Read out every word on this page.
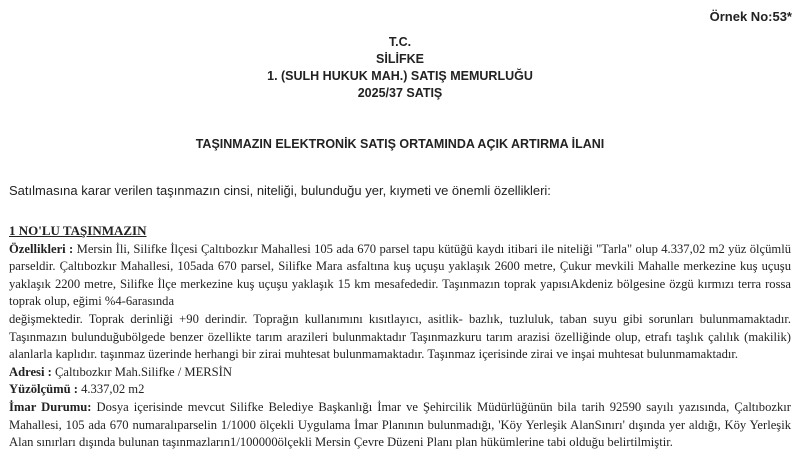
Örnek No:53*
T.C.
SİLİFKE
1. (SULH HUKUK MAH.) SATIŞ MEMURLUĞU
2025/37 SATIŞ
TAŞINMAZIN ELEKTRONİK SATIŞ ORTAMINDA AÇIK ARTIRMA İLANI
Satılmasına karar verilen taşınmazın cinsi, niteliği, bulunduğu yer, kıymeti ve önemli özellikleri:

1 NO'LU TAŞINMAZIN

Özellikleri : Mersin İli, Silifke İlçesi Çaltıbozkır Mahallesi 105 ada 670 parsel tapu kütüğü kaydı itibari ile niteliği "Tarla" olup 4.337,02 m2 yüz ölçümlü parseldir. Çaltıbozkır Mahallesi, 105ada 670 parsel, Silifke Mara asfaltına kuş uçuşu yaklaşık 2600 metre, Çukur mevkili Mahalle merkezine kuş uçuşu yaklaşık 2200 metre, Silifke İlçe merkezine kuş uçuşu yaklaşık 15 km mesafededir. Taşınmazın toprak yapısıAkdeniz bölgesine özgü kırmızı terra rossa toprak olup, eğimi %4-6arasında

değişmektedir. Toprak derinliği +90 derindir. Toprağın kullanımını kısıtlayıcı, asitlik- bazlık, tuzluluk, taban suyu gibi sorunları bulunmamaktadır. Taşınmazın bulunduğubölgede benzer özellikte tarım arazileri bulunmaktadır Taşınmazkuru tarım arazisi özelliğinde olup, etrafı taşlık çalılık (makilik) alanlarla kaplıdır. taşınmaz üzerinde herhangi bir zirai muhtesat bulunmamaktadır. Taşınmaz içerisinde zirai ve inşai muhtesat bulunmamaktadır.

Adresi : Çaltıbozkır Mah.Silifke / MERSİN

Yüzölçümü : 4.337,02 m2

İmar Durumu: Dosya içerisinde mevcut Silifke Belediye Başkanlığı İmar ve Şehircilik Müdürlüğünün bila tarih 92590 sayılı yazısında, Çaltıbozkır Mahallesi, 105 ada 670 numaralıparselin 1/1000 ölçekli Uygulama İmar Planının bulunmadığı, 'Köy Yerleşik AlanSınırı' dışında yer aldığı, Köy Yerleşik Alan sınırları dışında bulunan taşınmazların1/100000ölçekli Mersin Çevre Düzeni Planı plan hükümlerine tabi olduğu belirtilmiştir.
